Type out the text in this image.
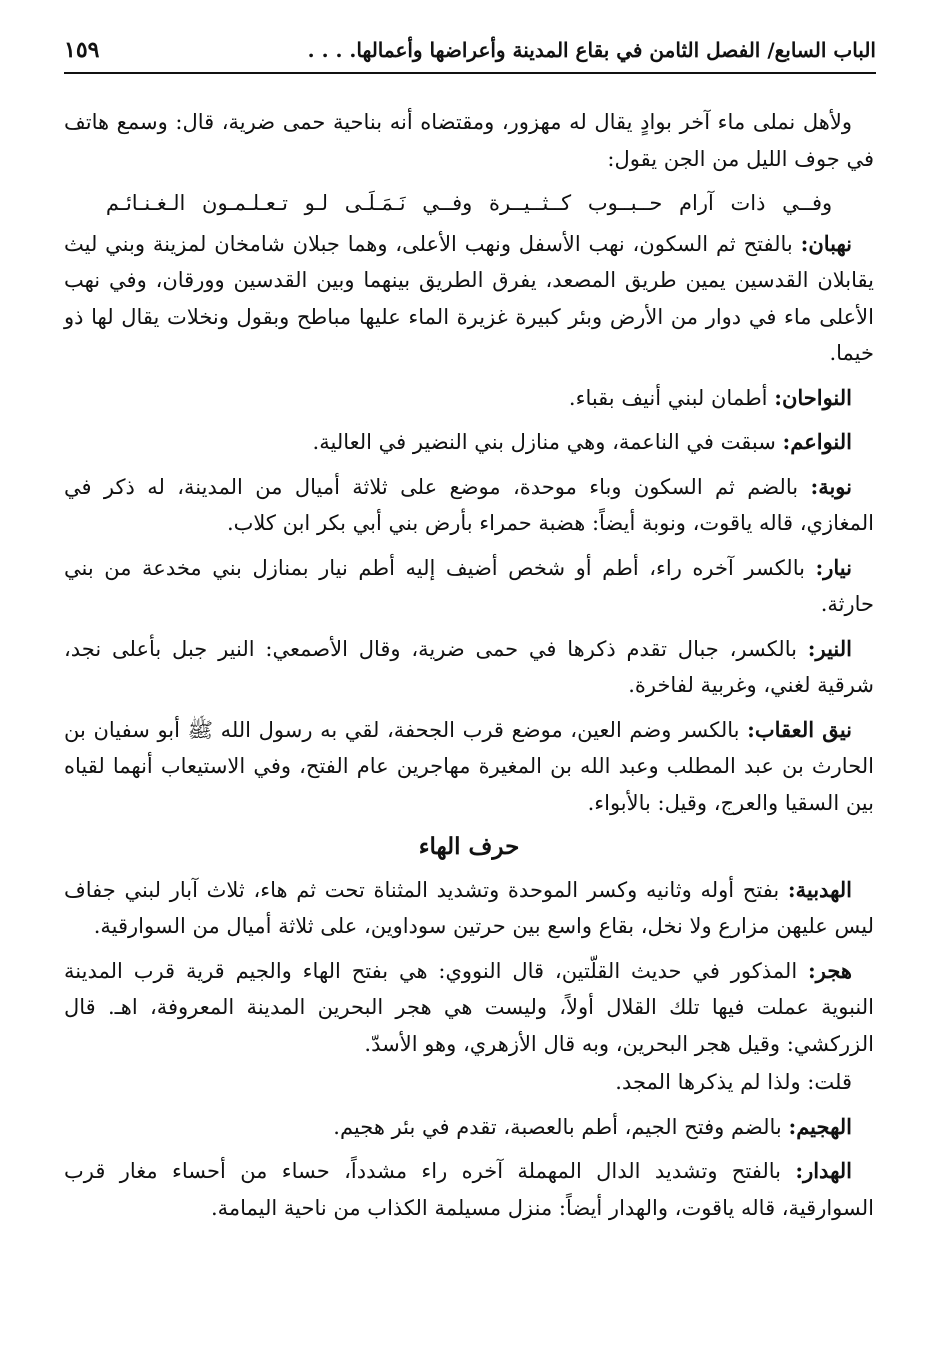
الباب السابع/ الفصل الثامن في بقاع المدينة وأعراضها وأعمالها. . . .
١٥٩

ولأهل نملى ماء آخر بوادٍ يقال له مهزور، ومقتضاه أنه بناحية حمى ضرية، قال: وسمع هاتف في جوف الليل من الجن يقول:

وفــي ذات آرام حــبــوب كــثــيــرة وفــي نَـمَـلَـى لـو تـعـلـمـون الـغـنـائـم

نهبان: بالفتح ثم السكون، نهب الأسفل ونهب الأعلى، وهما جبلان شامخان لمزينة وبني ليث يقابلان القدسين يمين طريق المصعد، يفرق الطريق بينهما وبين القدسين وورقان، وفي نهب الأعلى ماء في دوار من الأرض وبئر كبيرة غزيرة الماء عليها مباطح وبقول ونخلات يقال لها ذو خيما.

النواحان: أطمان لبني أنيف بقباء.

النواعم: سبقت في الناعمة، وهي منازل بني النضير في العالية.

نوبة: بالضم ثم السكون وباء موحدة، موضع على ثلاثة أميال من المدينة، له ذكر في المغازي، قاله ياقوت، ونوبة أيضاً: هضبة حمراء بأرض بني أبي بكر ابن كلاب.

نيار: بالكسر آخره راء، أطم أو شخص أضيف إليه أطم نيار بمنازل بني مخدعة من بني حارثة.

النير: بالكسر، جبال تقدم ذكرها في حمى ضرية، وقال الأصمعي: النير جبل بأعلى نجد، شرقية لغني، وغربية لفاخرة.

نيق العقاب: بالكسر وضم العين، موضع قرب الجحفة، لقي به رسول الله ﷺ أبو سفيان بن الحارث بن عبد المطلب وعبد الله بن المغيرة مهاجرين عام الفتح، وفي الاستيعاب أنهما لقياه بين السقيا والعرج، وقيل: بالأبواء.

حرف الهاء

الهدبية: بفتح أوله وثانيه وكسر الموحدة وتشديد المثناة تحت ثم هاء، ثلاث آبار لبني جفاف ليس عليهن مزارع ولا نخل، بقاع واسع بين حرتين سوداوين، على ثلاثة أميال من السوارقية.

هجر: المذكور في حديث القلّتين، قال النووي: هي بفتح الهاء والجيم قرية قرب المدينة النبوية عملت فيها تلك القلال أولاً، وليست هي هجر البحرين المدينة المعروفة، اهـ. قال الزركشي: وقيل هجر البحرين، وبه قال الأزهري، وهو الأسدّ.

قلت: ولذا لم يذكرها المجد.

الهجيم: بالضم وفتح الجيم، أطم بالعصبة، تقدم في بئر هجيم.

الهدار: بالفتح وتشديد الدال المهملة آخره راء مشدداً، حساء من أحساء مغار قرب السوارقية، قاله ياقوت، والهدار أيضاً: منزل مسيلمة الكذاب من ناحية اليمامة.
